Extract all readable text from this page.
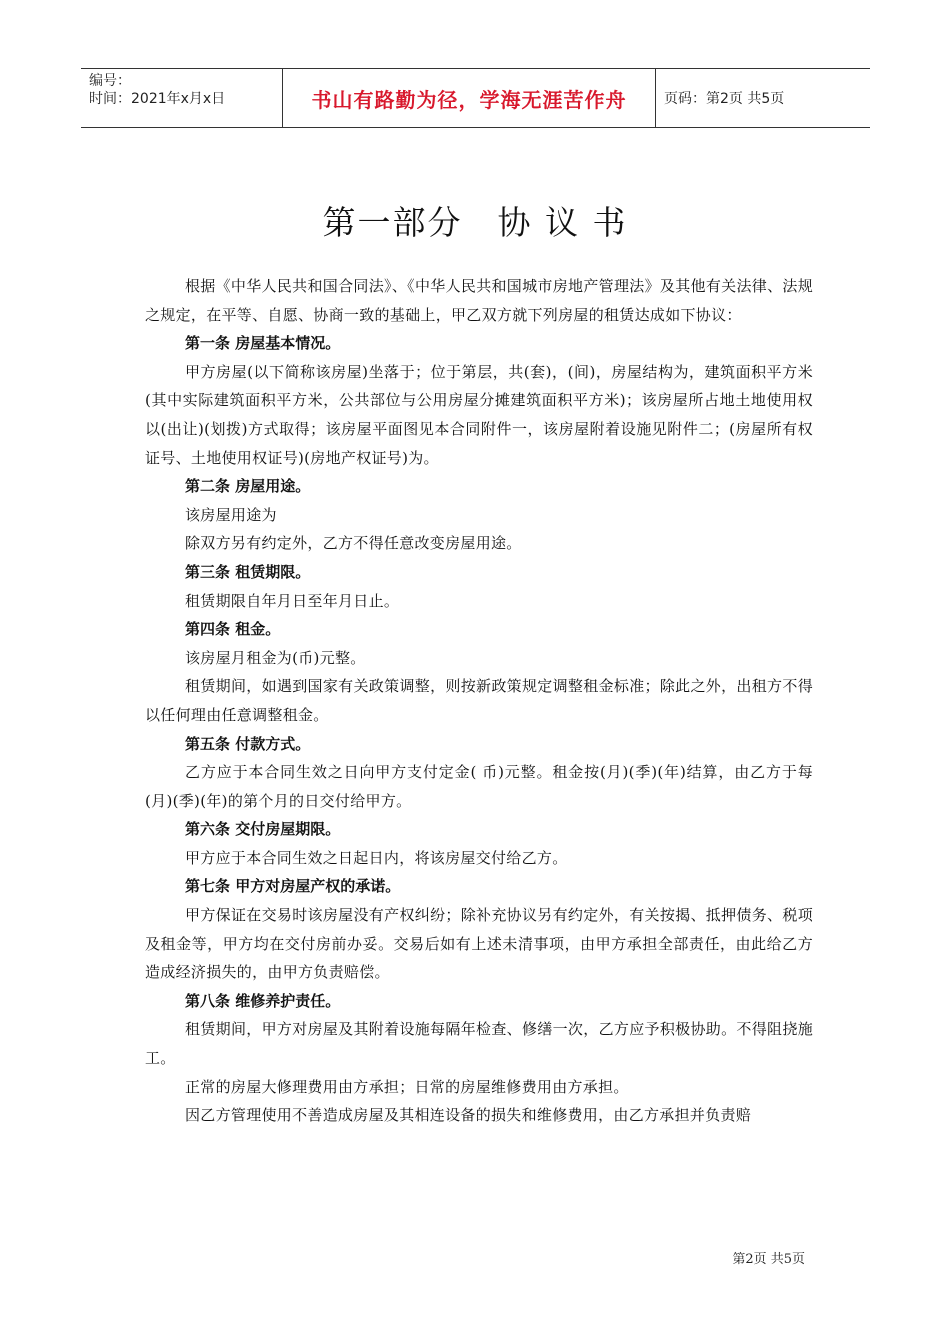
编号：
时间：2021年x月x日	书山有路勤为径，学海无涯苦作舟	页码：第2页 共5页
第一部分　协 议 书

根据《中华人民共和国合同法》、《中华人民共和国城市房地产管理法》及其他有关法律、法规之规定，在平等、自愿、协商一致的基础上，甲乙双方就下列房屋的租赁达成如下协议：

第一条 房屋基本情况。

甲方房屋(以下简称该房屋)坐落于；位于第层，共(套)，(间)，房屋结构为，建筑面积平方米(其中实际建筑面积平方米，公共部位与公用房屋分摊建筑面积平方米)；该房屋所占地土地使用权以(出让)(划拨)方式取得；该房屋平面图见本合同附件一，该房屋附着设施见附件二；(房屋所有权证号、土地使用权证号)(房地产权证号)为。

第二条 房屋用途。

该房屋用途为

除双方另有约定外，乙方不得任意改变房屋用途。

第三条 租赁期限。

租赁期限自年月日至年月日止。

第四条 租金。

该房屋月租金为(币)元整。

租赁期间，如遇到国家有关政策调整，则按新政策规定调整租金标准；除此之外，出租方不得以任何理由任意调整租金。

第五条 付款方式。

乙方应于本合同生效之日向甲方支付定金( 币)元整。租金按(月)(季)(年)结算，由乙方于每(月)(季)(年)的第个月的日交付给甲方。

第六条 交付房屋期限。

甲方应于本合同生效之日起日内，将该房屋交付给乙方。

第七条 甲方对房屋产权的承诺。

甲方保证在交易时该房屋没有产权纠纷；除补充协议另有约定外，有关按揭、抵押债务、税项及租金等，甲方均在交付房前办妥。交易后如有上述未清事项，由甲方承担全部责任，由此给乙方造成经济损失的，由甲方负责赔偿。

第八条 维修养护责任。

租赁期间，甲方对房屋及其附着设施每隔年检查、修缮一次，乙方应予积极协助。不得阻挠施工。

正常的房屋大修理费用由方承担；日常的房屋维修费用由方承担。

因乙方管理使用不善造成房屋及其相连设备的损失和维修费用，由乙方承担并负责赔

第2页 共5页
